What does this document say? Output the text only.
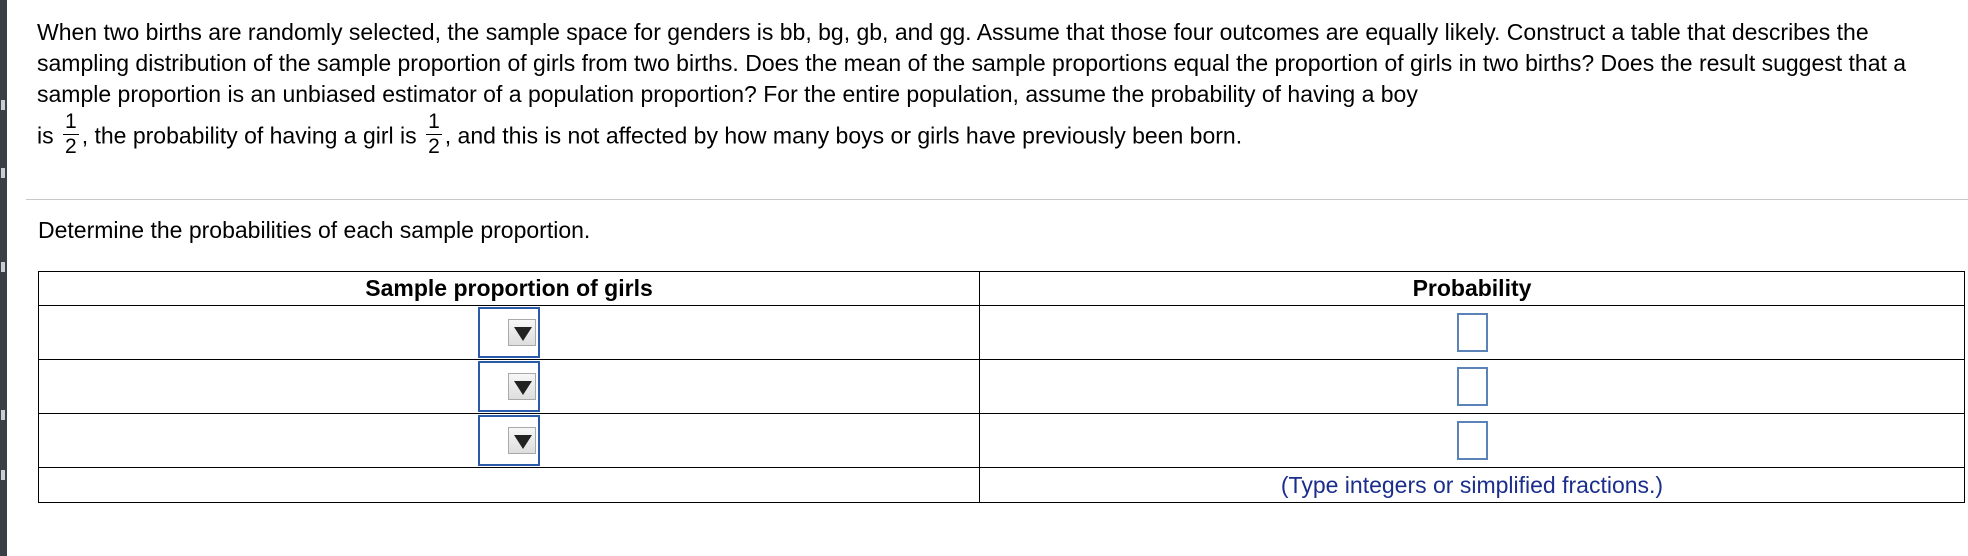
When two births are randomly selected, the sample space for genders is bb, bg, gb, and gg. Assume that those four outcomes are equally likely. Construct a table that describes the sampling distribution of the sample proportion of girls from two births. Does the mean of the sample proportions equal the proportion of girls in two births? Does the result suggest that a sample proportion is an unbiased estimator of a population proportion? For the entire population, assume the probability of having a boy

is $\frac{1}{2}$ , the probability of having a girl is $\frac{1}{2}$ , and this is not affected by how many boys or girls have previously been born.
Determine the probabilities of each sample proportion.
Sample proportion of girls	Probability

	(Type integers or simplified fractions.)
